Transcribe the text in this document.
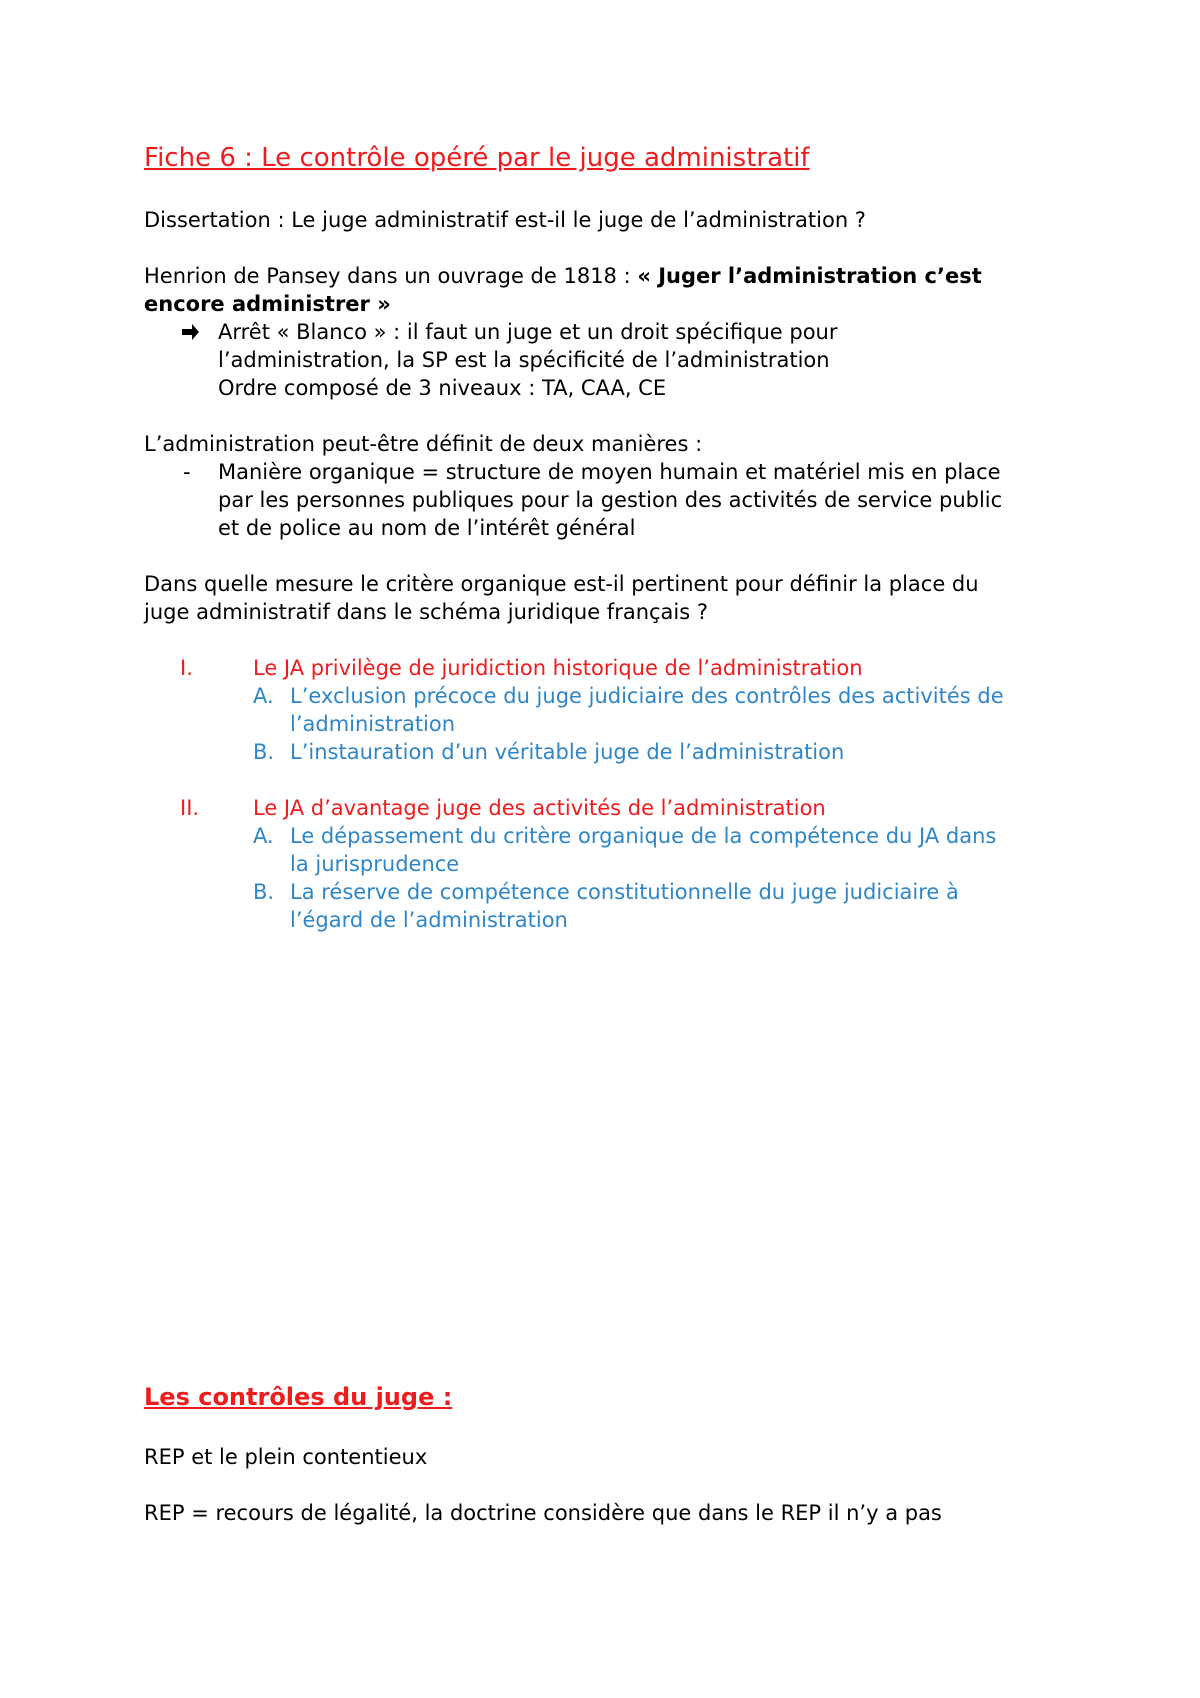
Fiche 6 : Le contrôle opéré par le juge administratif
Dissertation : Le juge administratif est-il le juge de l’administration ?
Henrion de Pansey dans un ouvrage de 1818 : « Juger l’administration c’est
encore administrer »
Arrêt « Blanco » : il faut un juge et un droit spécifique pour
l’administration, la SP est la spécificité de l’administration
Ordre composé de 3 niveaux : TA, CAA, CE
L’administration peut-être définit de deux manières :
- Manière organique = structure de moyen humain et matériel mis en place
par les personnes publiques pour la gestion des activités de service public
et de police au nom de l’intérêt général
Dans quelle mesure le critère organique est-il pertinent pour définir la place du
juge administratif dans le schéma juridique français ?
I.	Le JA privilège de juridiction historique de l’administration
A. L’exclusion précoce du juge judiciaire des contrôles des activités de
l’administration
B. L’instauration d’un véritable juge de l’administration
II.	Le JA d’avantage juge des activités de l’administration
A. Le dépassement du critère organique de la compétence du JA dans
la jurisprudence
B. La réserve de compétence constitutionnelle du juge judiciaire à
l’égard de l’administration
Les contrôles du juge :
REP et le plein contentieux
REP = recours de légalité, la doctrine considère que dans le REP il n’y a pas
